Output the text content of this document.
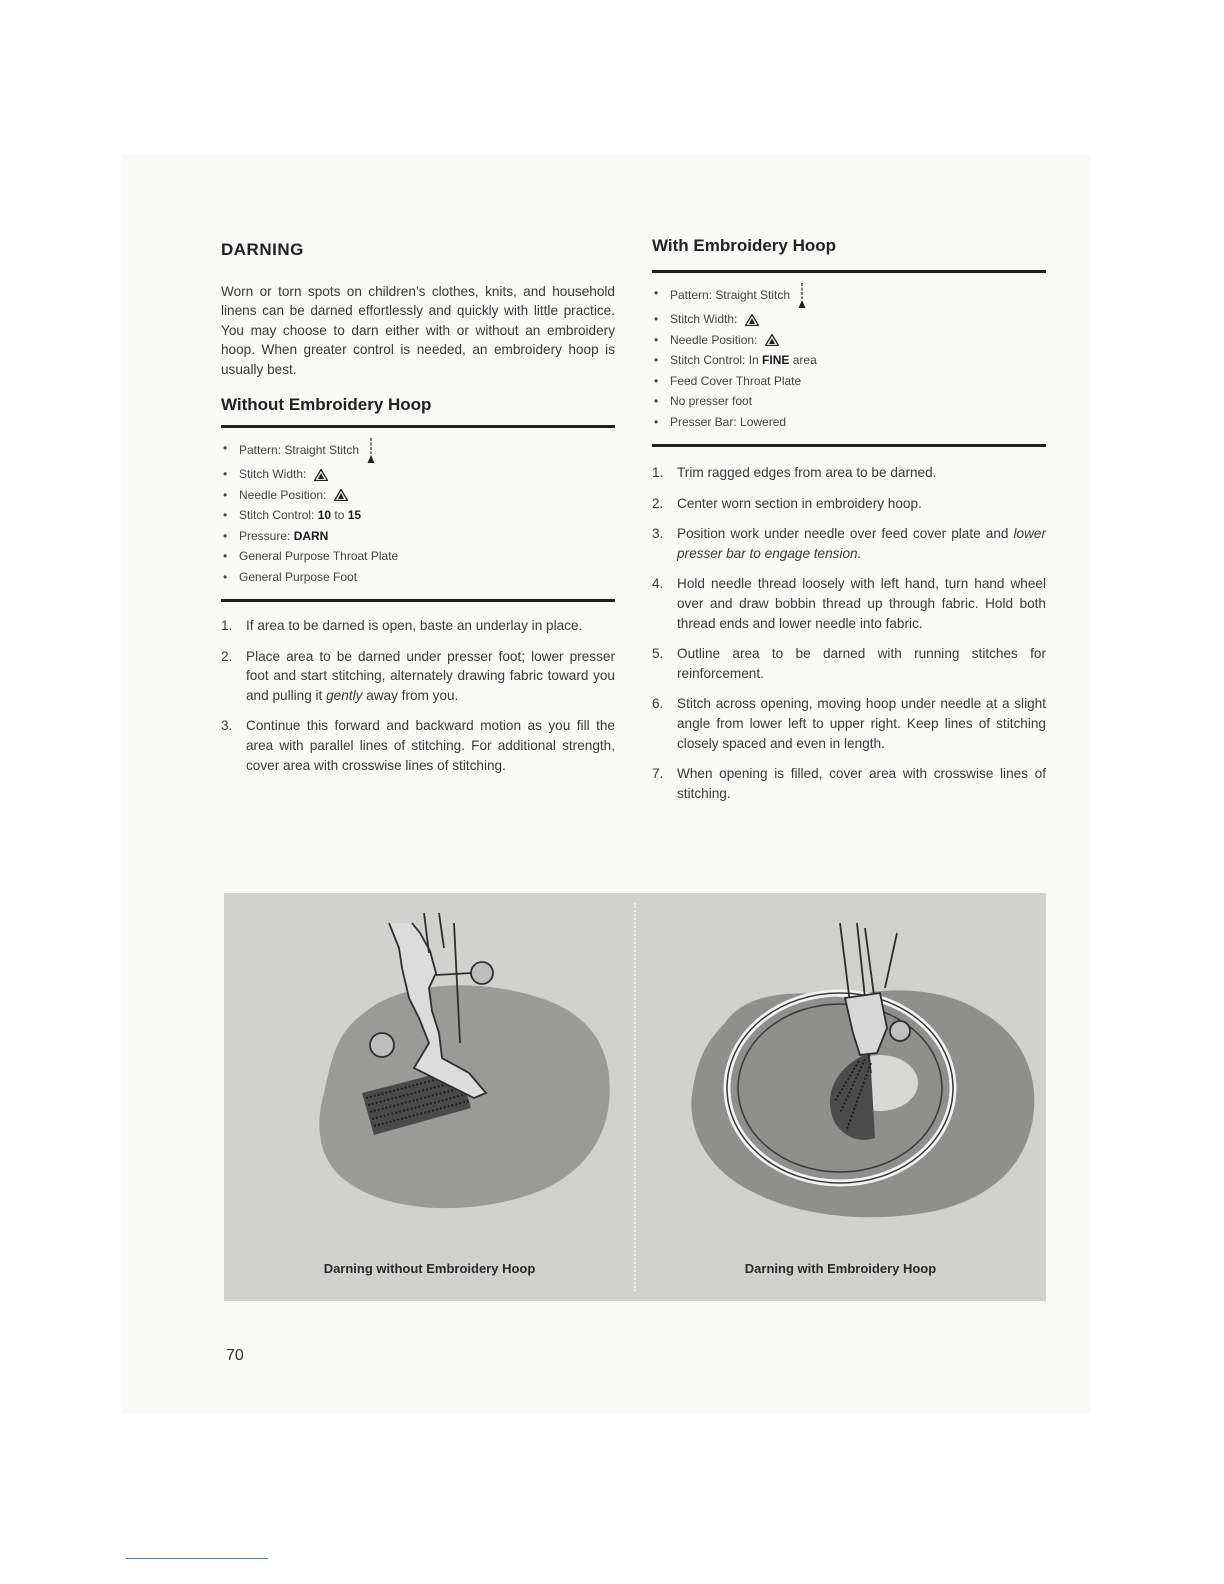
DARNING

Worn or torn spots on children’s clothes, knits, and household linens can be darned effortlessly and quickly with little practice. You may choose to darn either with or without an embroidery hoop. When greater control is needed, an embroidery hoop is usually best.

Without Embroidery Hoop
• Pattern: Straight Stitch
• Stitch Width:
• Needle Position:
• Stitch Control: 10 to 15
• Pressure: DARN
• General Purpose Throat Plate
• General Purpose Foot
1.	If area to be darned is open, baste an underlay in place.
2.	Place area to be darned under presser foot; lower presser foot and start stitching, alternately drawing fabric toward you and pulling it gently away from you.
3.	Continue this forward and backward motion as you fill the area with parallel lines of stitching. For additional strength, cover area with crosswise lines of stitching.
With Embroidery Hoop
• Pattern: Straight Stitch
• Stitch Width:
• Needle Position:
• Stitch Control: In FINE area
• Feed Cover Throat Plate
• No presser foot
• Presser Bar: Lowered
1.	Trim ragged edges from area to be darned.
2.	Center worn section in embroidery hoop.
3.	Position work under needle over feed cover plate and lower presser bar to engage tension.
4.	Hold needle thread loosely with left hand, turn hand wheel over and draw bobbin thread up through fabric. Hold both thread ends and lower needle into fabric.
5.	Outline area to be darned with running stitches for reinforcement.
6.	Stitch across opening, moving hoop under needle at a slight angle from lower left to upper right. Keep lines of stitching closely spaced and even in length.
7.	When opening is filled, cover area with crosswise lines of stitching.
Darning without Embroidery Hoop	Darning with Embroidery Hoop
70
